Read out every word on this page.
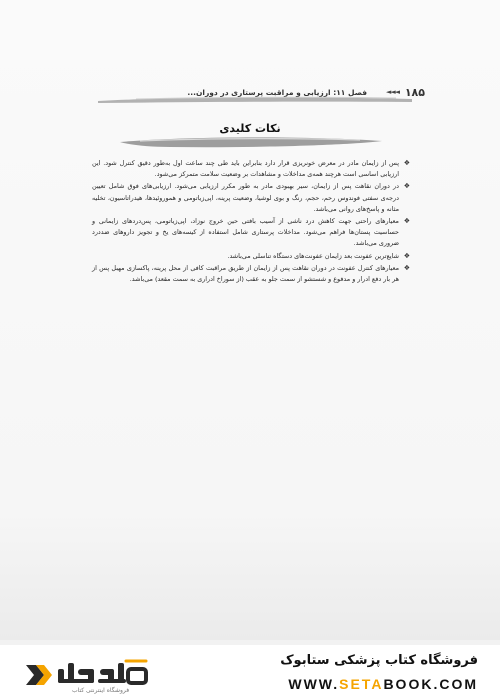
۱۸۵
◄◄◄
فصل ۱۱: ارزیابی و مراقبت پرستاری در دوران...
نکات کلیدی
❖
پس از زایمان مادر در معرض خونریزی قرار دارد بنابراین باید طی چند ساعت اول به‌طور دقیق کنترل شود. این ارزیابی اساسی است هرچند همه‌ی مداخلات و مشاهدات بر وضعیت سلامت متمرکز می‌شود.
❖
در دوران نقاهت پس از زایمان، سیر بهبودی مادر به طور مکرر ارزیابی می‌شود. ارزیابی‌های فوق شامل تعیین درجه‌ی سفتی فوندوس رحم، حجم، رنگ و بوی لوشیا، وضعیت پرینه، اپی‌زیاتومی و هموروئیدها، هیدراتاسیون، تخلیه مثانه و پاسخ‌های روانی می‌باشد.
❖
معیارهای راحتی جهت کاهش درد ناشی از آسیب بافتی حین خروج نوزاد، اپی‌زیاتومی، پس‌دردهای زایمانی و حساسیت پستان‌ها فراهم می‌شود. مداخلات پرستاری شامل استفاده از کیسه‌های یخ و تجویز داروهای ضددرد ضروری می‌باشد.
❖
شایع‌ترین عفونت بعد زایمان عفونت‌های دستگاه تناسلی می‌باشد.
❖
معیارهای کنترل عفونت در دوران نقاهت پس از زایمان از طریق مراقبت کافی از محل پرینه، پاکسازی مهبل پس از هر بار دفع ادرار و مدفوع و شستشو از سمت جلو به عقب (از سوراخ ادراری به سمت مقعد) می‌باشد.
فروشگاه اینترنتی کتاب
فروشگاه کتاب پزشکی ستابوک
WWW.SETABOOK.COM
